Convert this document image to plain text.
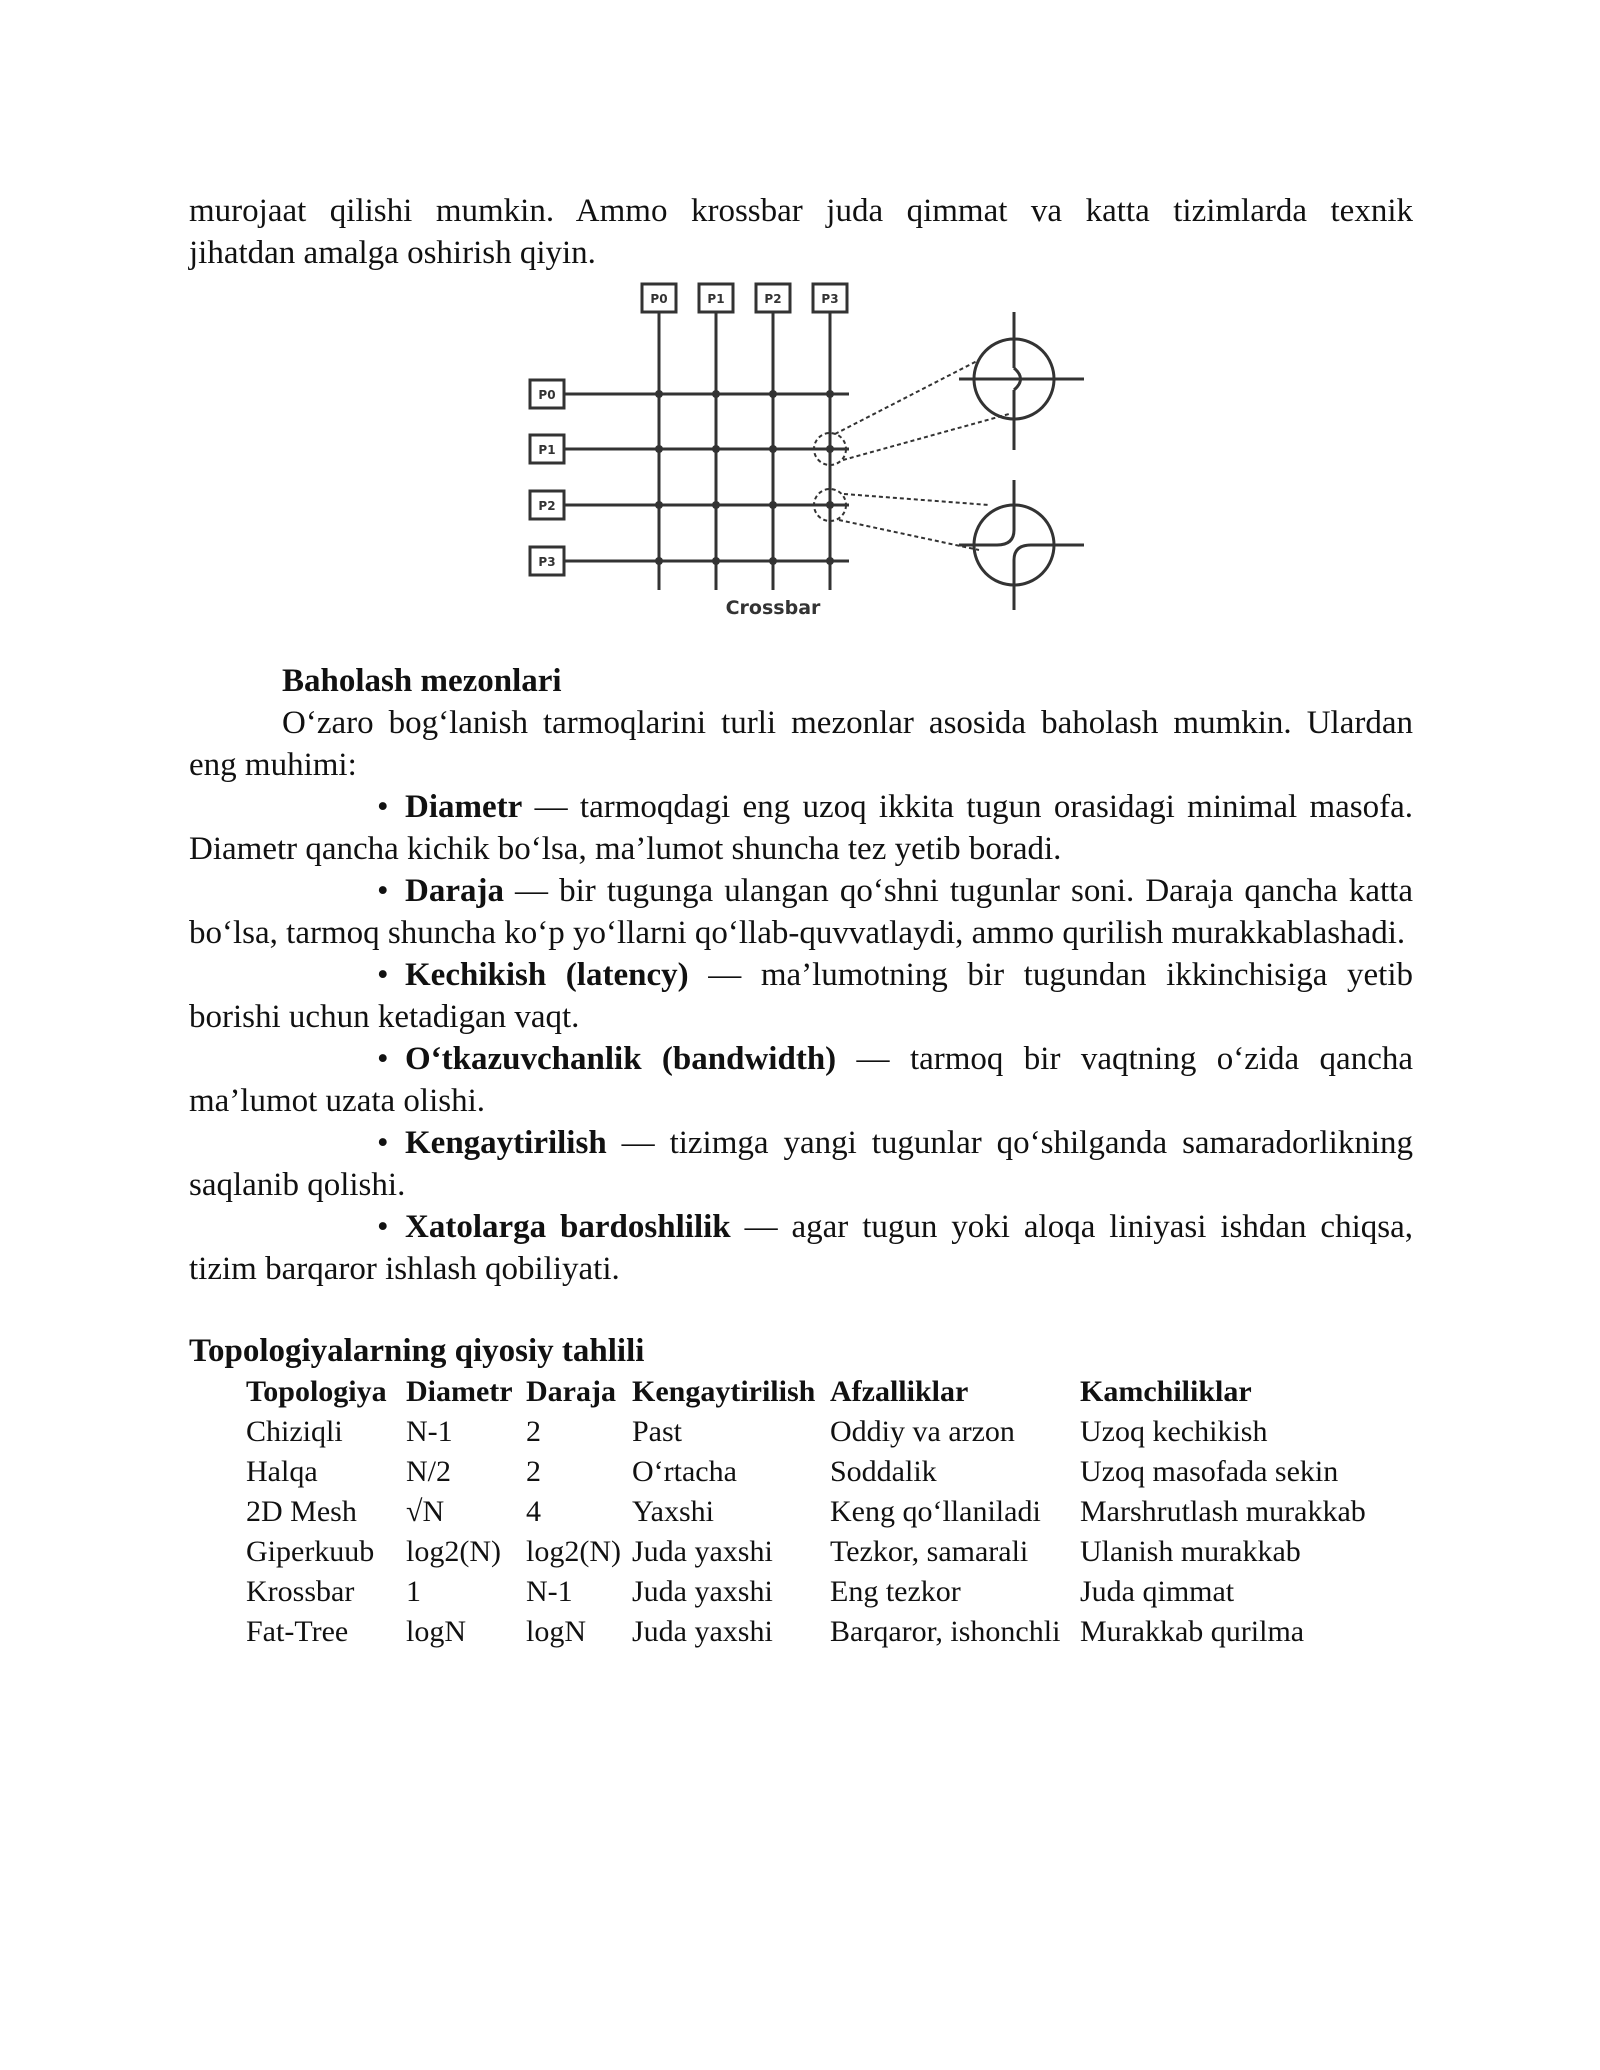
murojaat qilishi mumkin. Ammo krossbar juda qimmat va katta tizimlarda texnik

jihatdan amalga oshirish qiyin.

P0	P1	P2	P3
P0
P1
P2
P3
Crossbar

Baholash mezonlari

O‘zaro bog‘lanish tarmoqlarini turli mezonlar asosida baholash mumkin. Ulardan eng muhimi:

• Diametr — tarmoqdagi eng uzoq ikkita tugun orasidagi minimal masofa. Diametr qancha kichik bo‘lsa, ma’lumot shuncha tez yetib boradi.

• Daraja — bir tugunga ulangan qo‘shni tugunlar soni. Daraja qancha katta bo‘lsa, tarmoq shuncha ko‘p yo‘llarni qo‘llab-quvvatlaydi, ammo qurilish murakkablashadi.

• Kechikish (latency) — ma’lumotning bir tugundan ikkinchisiga yetib borishi uchun ketadigan vaqt.

• O‘tkazuvchanlik (bandwidth) — tarmoq bir vaqtning o‘zida qancha ma’lumot uzata olishi.

• Kengaytirilish — tizimga yangi tugunlar qo‘shilganda samaradorlikning saqlanib qolishi.

• Xatolarga bardoshlilik — agar tugun yoki aloqa liniyasi ishdan chiqsa, tizim barqaror ishlash qobiliyati.

Topologiyalarning qiyosiy tahlili

Topologiya	Diametr	Daraja	Kengaytirilish	Afzalliklar	Kamchiliklar
Chiziqli	N-1	2	Past	Oddiy va arzon	Uzoq kechikish
Halqa	N/2	2	O‘rtacha	Soddalik	Uzoq masofada sekin
2D Mesh	√N	4	Yaxshi	Keng qo‘llaniladi	Marshrutlash murakkab
Giperkuub	log2(N)	log2(N)	Juda yaxshi	Tezkor, samarali	Ulanish murakkab
Krossbar	1	N-1	Juda yaxshi	Eng tezkor	Juda qimmat
Fat-Tree	logN	logN	Juda yaxshi	Barqaror, ishonchli	Murakkab qurilma
